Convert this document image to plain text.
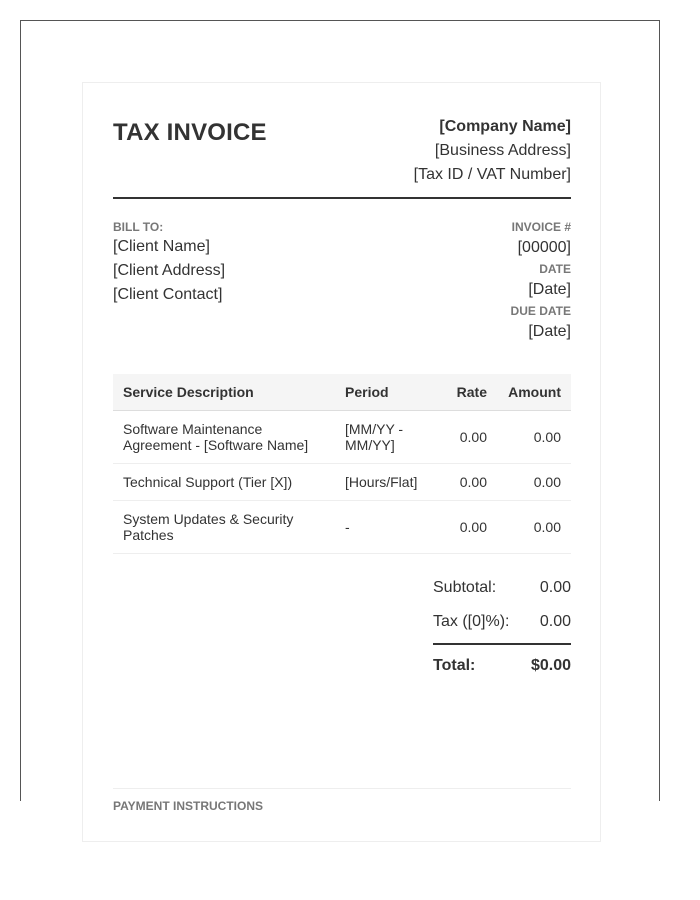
TAX INVOICE	[Company Name]
[Business Address]
[Tax ID / VAT Number]
BILL TO:
[Client Name]
[Client Address]
[Client Contact]
INVOICE #
[00000]
DATE
[Date]
DUE DATE
[Date]
Service Description	Period	Rate	Amount
Software Maintenance Agreement - [Software Name]	[MM/YY - MM/YY]	0.00	0.00
Technical Support (Tier [X])	[Hours/Flat]	0.00	0.00
System Updates & Security Patches	-	0.00	0.00
Subtotal:	0.00
Tax ([0]%): 0.00
Total:	$0.00
PAYMENT INSTRUCTIONS
